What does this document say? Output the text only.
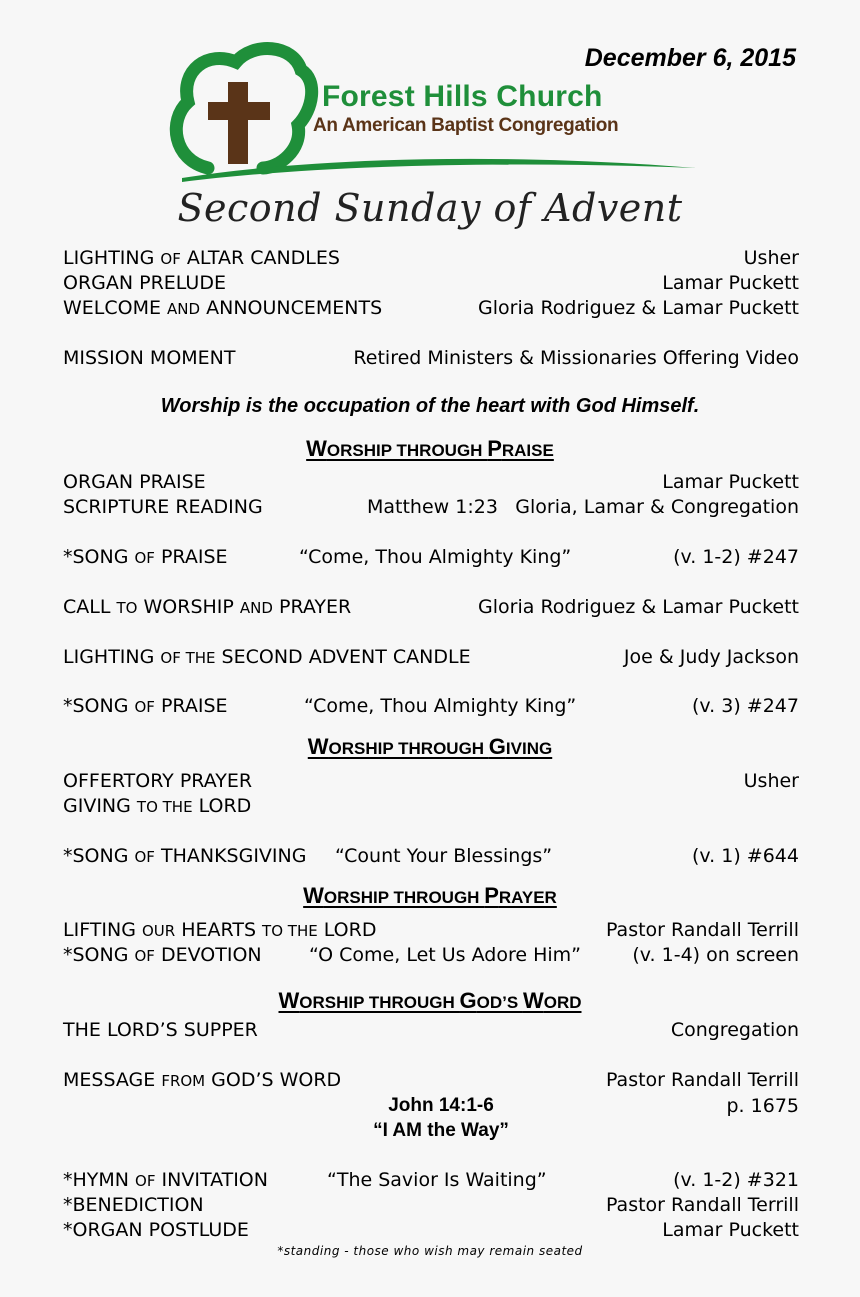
December 6, 2015
Forest Hills Church
An American Baptist Congregation
Second Sunday of Advent
LIGHTING OF ALTAR CANDLES	Usher
ORGAN PRELUDE	Lamar Puckett
WELCOME AND ANNOUNCEMENTS	Gloria Rodriguez & Lamar Puckett
MISSION MOMENT	Retired Ministers & Missionaries Offering Video
Worship is the occupation of the heart with God Himself.
WORSHIP THROUGH PRAISE
ORGAN PRAISE	Lamar Puckett
SCRIPTURE READING	Matthew 1:23 Gloria, Lamar & Congregation
*SONG OF PRAISE	“Come, Thou Almighty King”	(v. 1-2) #247
CALL TO WORSHIP AND PRAYER	Gloria Rodriguez & Lamar Puckett
LIGHTING OF THE SECOND ADVENT CANDLE	Joe & Judy Jackson
*SONG OF PRAISE	“Come, Thou Almighty King”	(v. 3) #247
WORSHIP THROUGH GIVING
OFFERTORY PRAYER	Usher
GIVING TO THE LORD
*SONG OF THANKSGIVING “Count Your Blessings”	(v. 1) #644
WORSHIP THROUGH PRAYER
LIFTING OUR HEARTS TO THE LORD	Pastor Randall Terrill
*SONG OF DEVOTION “O Come, Let Us Adore Him”	(v. 1-4) on screen
WORSHIP THROUGH GOD’S WORD
THE LORD’S SUPPER	Congregation
MESSAGE FROM GOD’S WORD	Pastor Randall Terrill
John 14:1-6	p. 1675
“I AM the Way”
*HYMN OF INVITATION	“The Savior Is Waiting”	(v. 1-2) #321
*BENEDICTION	Pastor Randall Terrill
*ORGAN POSTLUDE	Lamar Puckett
*standing - those who wish may remain seated
